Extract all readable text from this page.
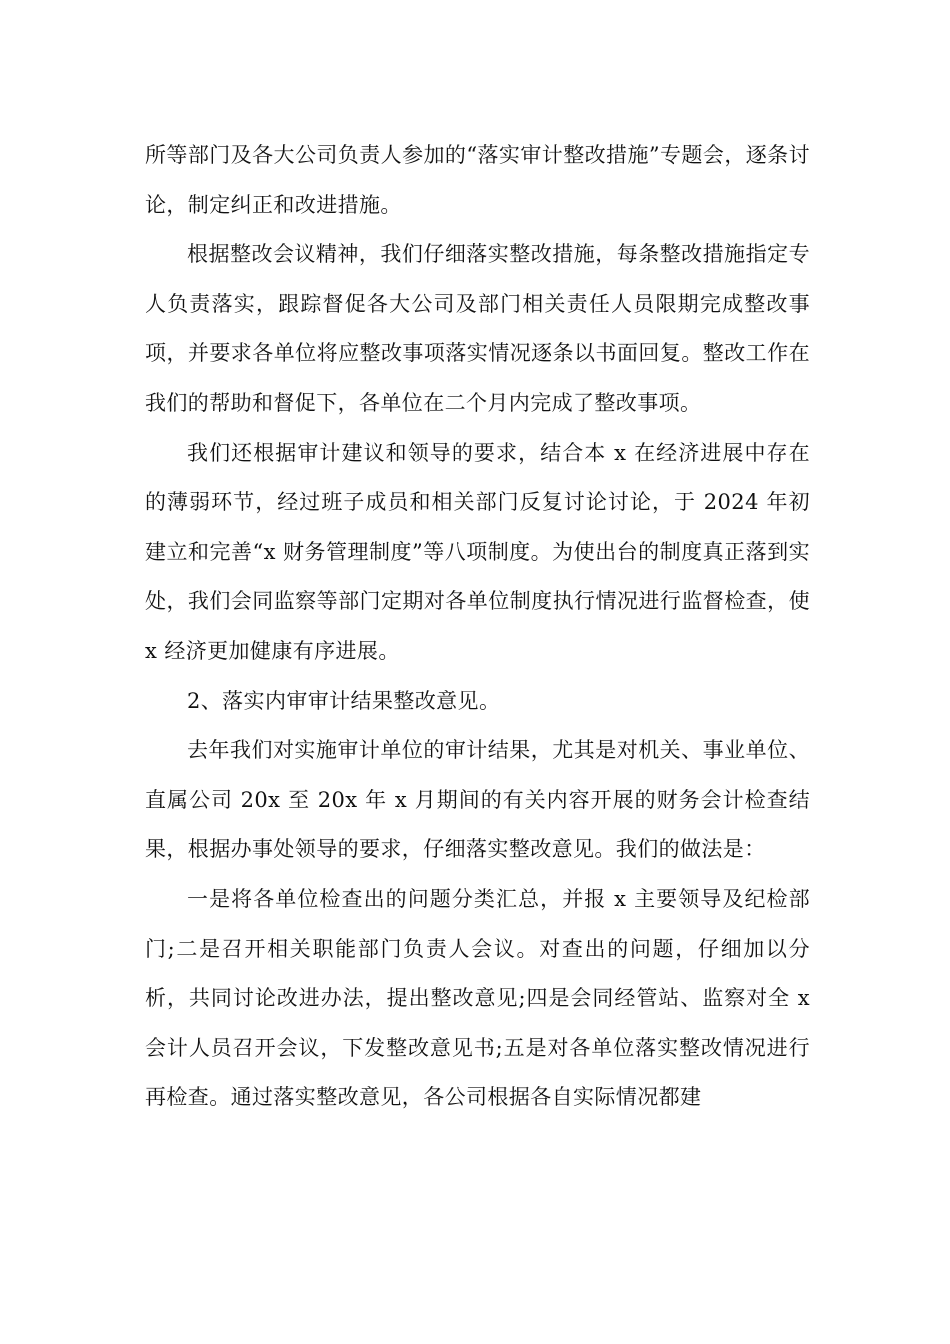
所等部门及各大公司负责人参加的“落实审计整改措施”专题会，逐条讨论，制定纠正和改进措施。

根据整改会议精神，我们仔细落实整改措施，每条整改措施指定专人负责落实，跟踪督促各大公司及部门相关责任人员限期完成整改事项，并要求各单位将应整改事项落实情况逐条以书面回复。整改工作在我们的帮助和督促下，各单位在二个月内完成了整改事项。

我们还根据审计建议和领导的要求，结合本 x 在经济进展中存在的薄弱环节，经过班子成员和相关部门反复讨论讨论，于 2024 年初建立和完善“x 财务管理制度”等八项制度。为使出台的制度真正落到实处，我们会同监察等部门定期对各单位制度执行情况进行监督检查，使 x 经济更加健康有序进展。

2、落实内审审计结果整改意见。

去年我们对实施审计单位的审计结果，尤其是对机关、事业单位、直属公司 20x 至 20x 年 x 月期间的有关内容开展的财务会计检查结果，根据办事处领导的要求，仔细落实整改意见。我们的做法是：

一是将各单位检查出的问题分类汇总，并报 x 主要领导及纪检部门;二是召开相关职能部门负责人会议。对查出的问题，仔细加以分析，共同讨论改进办法，提出整改意见;四是会同经管站、监察对全 x 会计人员召开会议，下发整改意见书;五是对各单位落实整改情况进行再检查。通过落实整改意见，各公司根据各自实际情况都建
